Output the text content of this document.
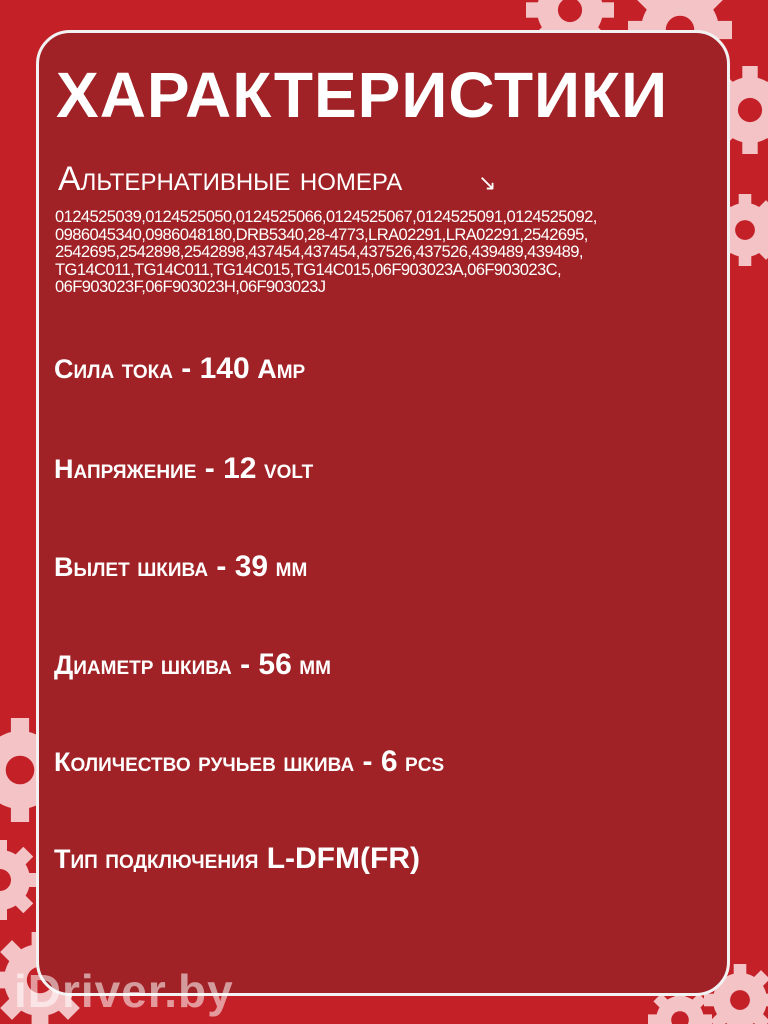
ХАРАКТЕРИСТИКИ
Альтернативные номера	↘
0124525039,0124525050,0124525066,0124525067,0124525091,0124525092,
0986045340,0986048180,DRB5340,28-4773,LRA02291,LRA02291,2542695,
2542695,2542898,2542898,437454,437454,437526,437526,439489,439489,
TG14C011,TG14C011,TG14C015,TG14C015,06F903023A,06F903023C,
06F903023F,06F903023H,06F903023J
Сила тока - 140 Amp
Напряжение - 12 volt
Вылет шкива - 39 мм
Диаметр шкива - 56 мм
Количество ручьев шкива - 6 pcs
Тип подключения L-DFM(FR)
iDriver.by
